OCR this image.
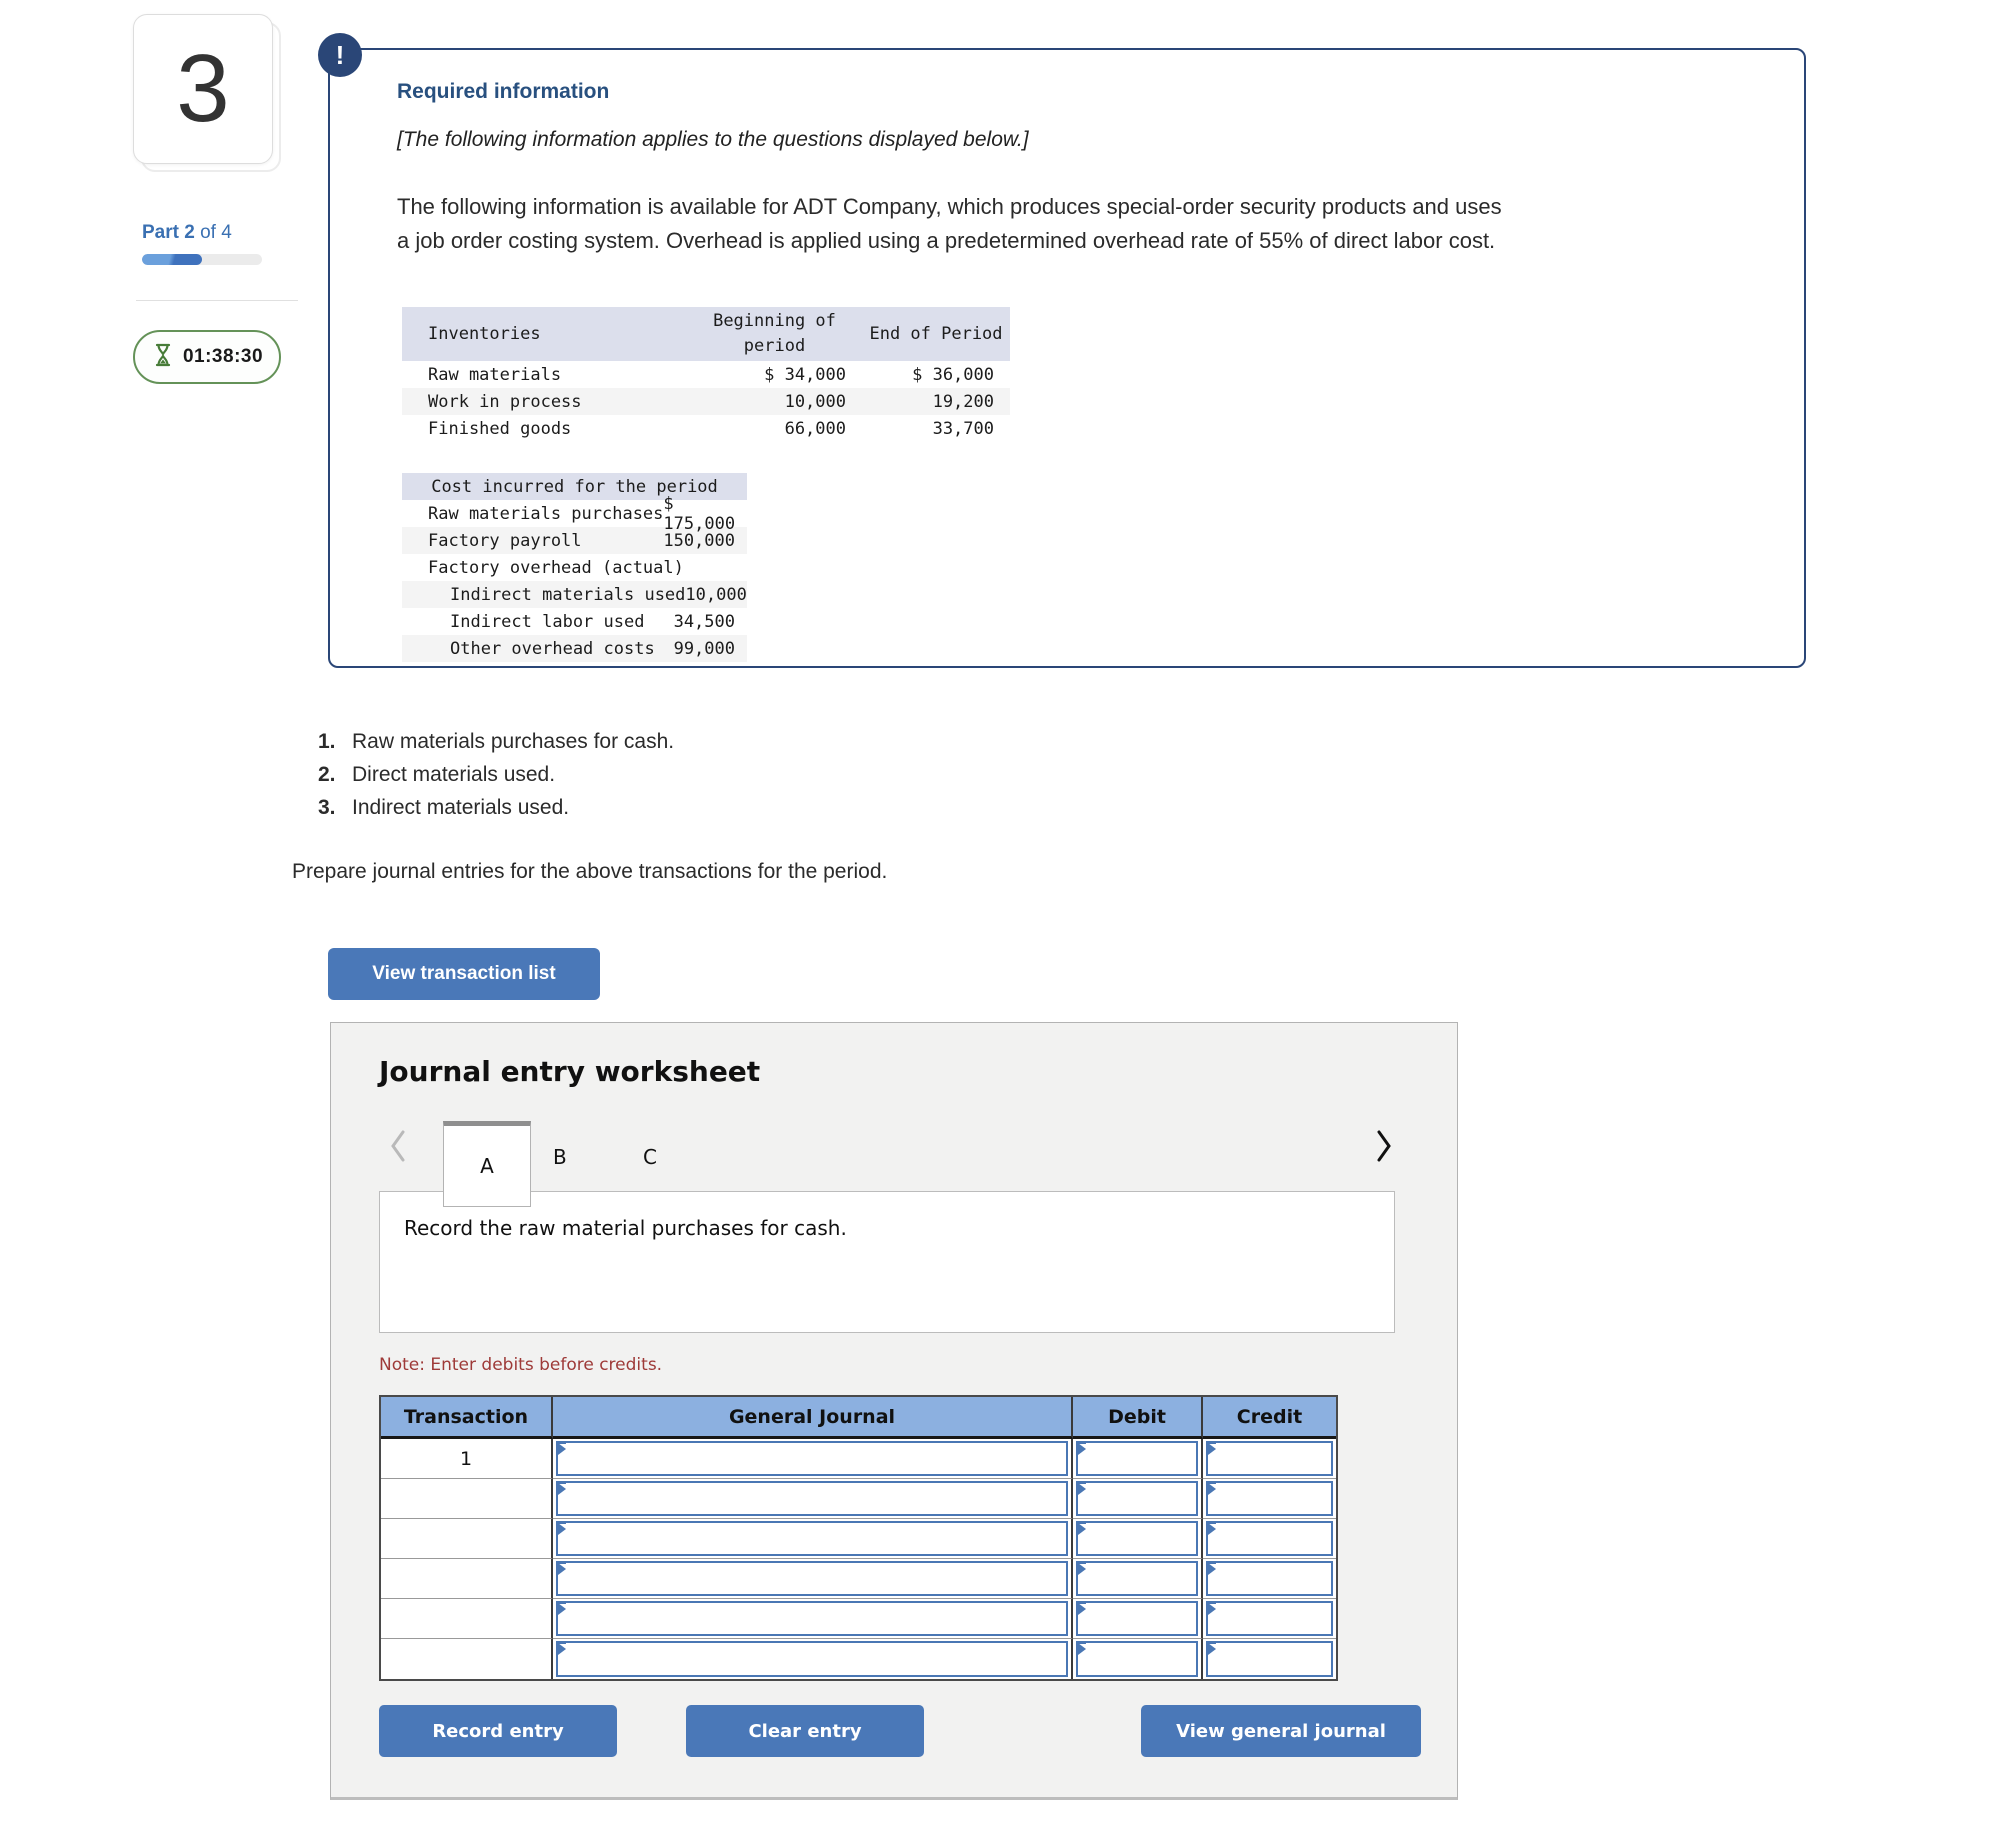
3
Part 2 of 4
01:38:30
!
Required information
[The following information applies to the questions displayed below.]
The following information is available for ADT Company, which produces special-order security products and uses
a job order costing system. Overhead is applied using a predetermined overhead rate of 55% of direct labor cost.
Inventories
Beginning of period
End of Period
Raw materials	$ 34,000	$ 36,000
Work in process	10,000	19,200
Finished goods	66,000	33,700
Cost incurred for the period
Raw materials purchases $ 175,000
Factory payroll	150,000
Factory overhead (actual)
Indirect materials used 10,000
Indirect labor used 34,500
Other overhead costs 99,000
1. Raw materials purchases for cash.
2. Direct materials used.
3. Indirect materials used.
Prepare journal entries for the above transactions for the period.
View transaction list
Journal entry worksheet
A	B	C
Record the raw material purchases for cash.
Note: Enter debits before credits.
Transaction	General Journal	Debit	Credit
1
Record entry	Clear entry	View general journal
